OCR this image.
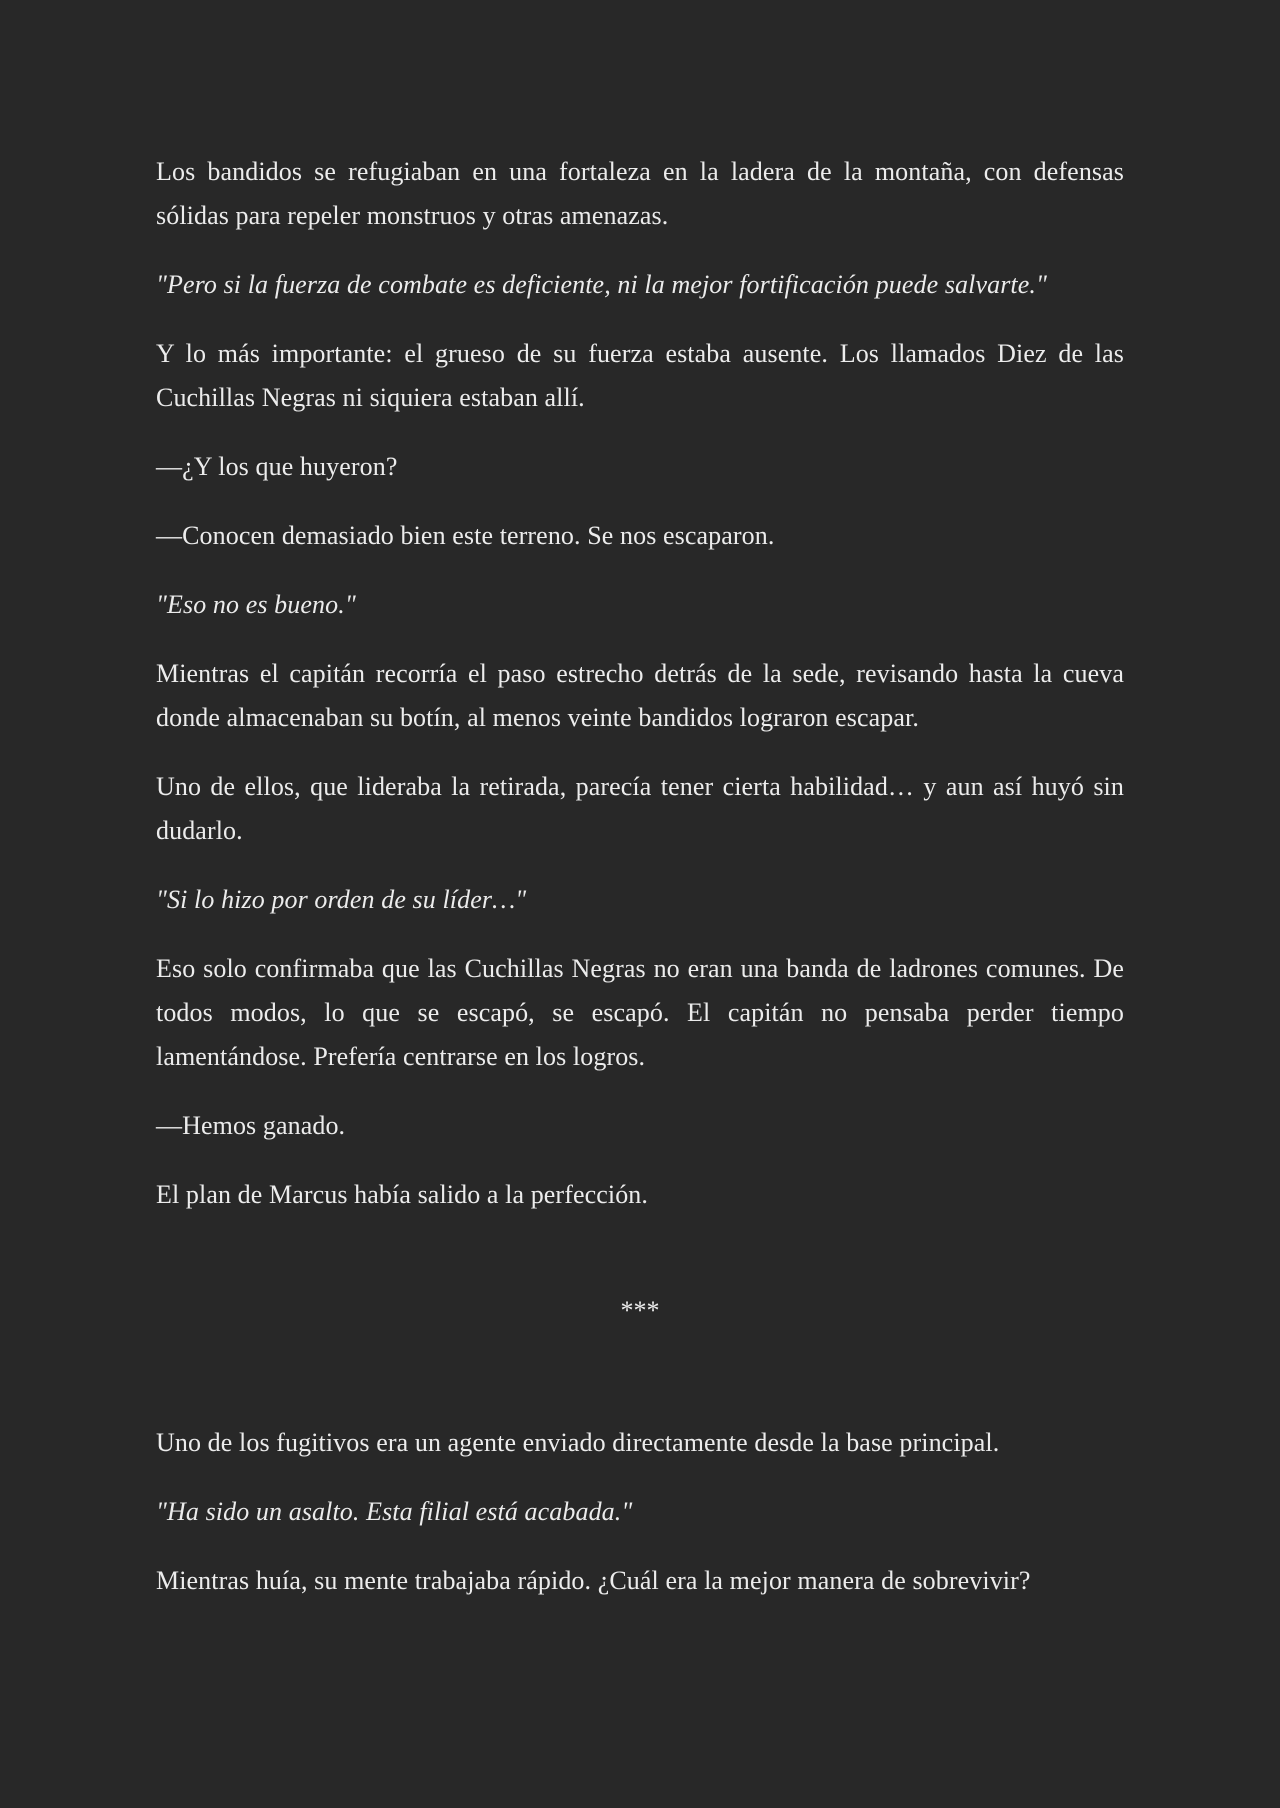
Los bandidos se refugiaban en una fortaleza en la ladera de la montaña, con defensas sólidas para repeler monstruos y otras amenazas.

"Pero si la fuerza de combate es deficiente, ni la mejor fortificación puede salvarte."

Y lo más importante: el grueso de su fuerza estaba ausente. Los llamados Diez de las Cuchillas Negras ni siquiera estaban allí.

—¿Y los que huyeron?

—Conocen demasiado bien este terreno. Se nos escaparon.

"Eso no es bueno."

Mientras el capitán recorría el paso estrecho detrás de la sede, revisando hasta la cueva donde almacenaban su botín, al menos veinte bandidos lograron escapar.

Uno de ellos, que lideraba la retirada, parecía tener cierta habilidad… y aun así huyó sin dudarlo.

"Si lo hizo por orden de su líder…"

Eso solo confirmaba que las Cuchillas Negras no eran una banda de ladrones comunes. De todos modos, lo que se escapó, se escapó. El capitán no pensaba perder tiempo lamentándose. Prefería centrarse en los logros.

—Hemos ganado.

El plan de Marcus había salido a la perfección.

***

Uno de los fugitivos era un agente enviado directamente desde la base principal.

"Ha sido un asalto. Esta filial está acabada."

Mientras huía, su mente trabajaba rápido. ¿Cuál era la mejor manera de sobrevivir?
